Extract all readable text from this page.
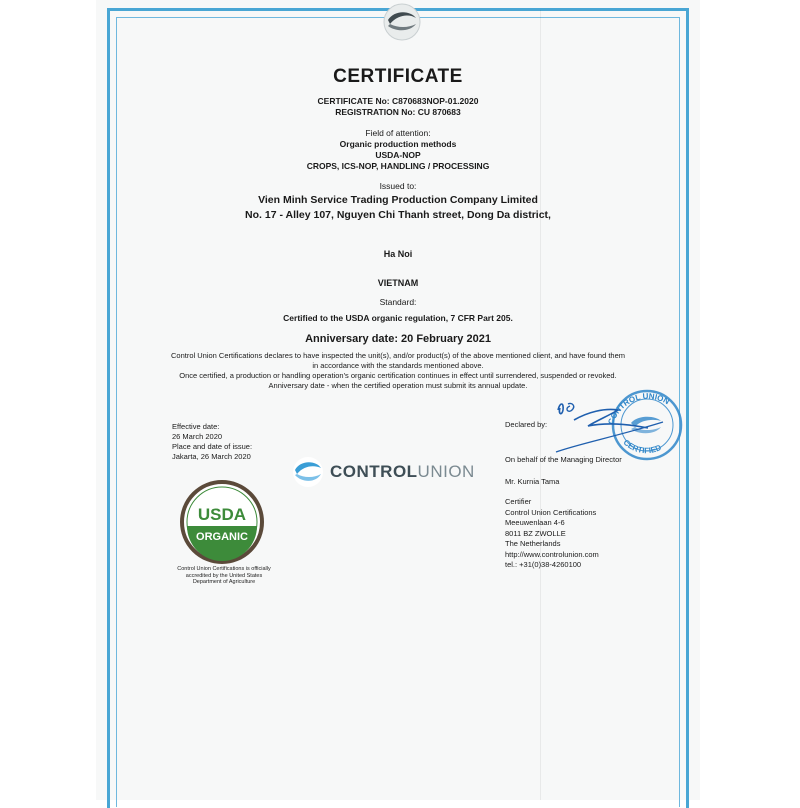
CERTIFICATE
CERTIFICATE No: C870683NOP-01.2020
REGISTRATION No: CU 870683
Field of attention:
Organic production methods
USDA-NOP
CROPS, ICS-NOP, HANDLING / PROCESSING
Issued to:
Vien Minh Service Trading Production Company Limited
No. 17 - Alley 107, Nguyen Chi Thanh street, Dong Da district,
Ha Noi
VIETNAM
Standard:
Certified to the USDA organic regulation, 7 CFR Part 205.
Anniversary date: 20 February 2021
Control Union Certifications declares to have inspected the unit(s), and/or product(s) of the above mentioned client, and have found them
in accordance with the standards mentioned above.
Once certified, a production or handling operation's organic certification continues in effect until surrendered, suspended or revoked.
Anniversary date - when the certified operation must submit its annual update.
Effective date:
26 March 2020
Place and date of issue:
Jakarta, 26 March 2020
CONTROLUNION
USDA
ORGANIC
Control Union Certifications is officially accredited by the United States Department of Agriculture
Declared by:
On behalf of the Managing Director
Mr. Kurnia Tama
Certifier
Control Union Certifications
Meeuwenlaan 4-6
8011 BZ ZWOLLE
The Netherlands
http://www.controlunion.com
tel.: +31(0)38-4260100
CONTROL UNION
CERTIFIED
